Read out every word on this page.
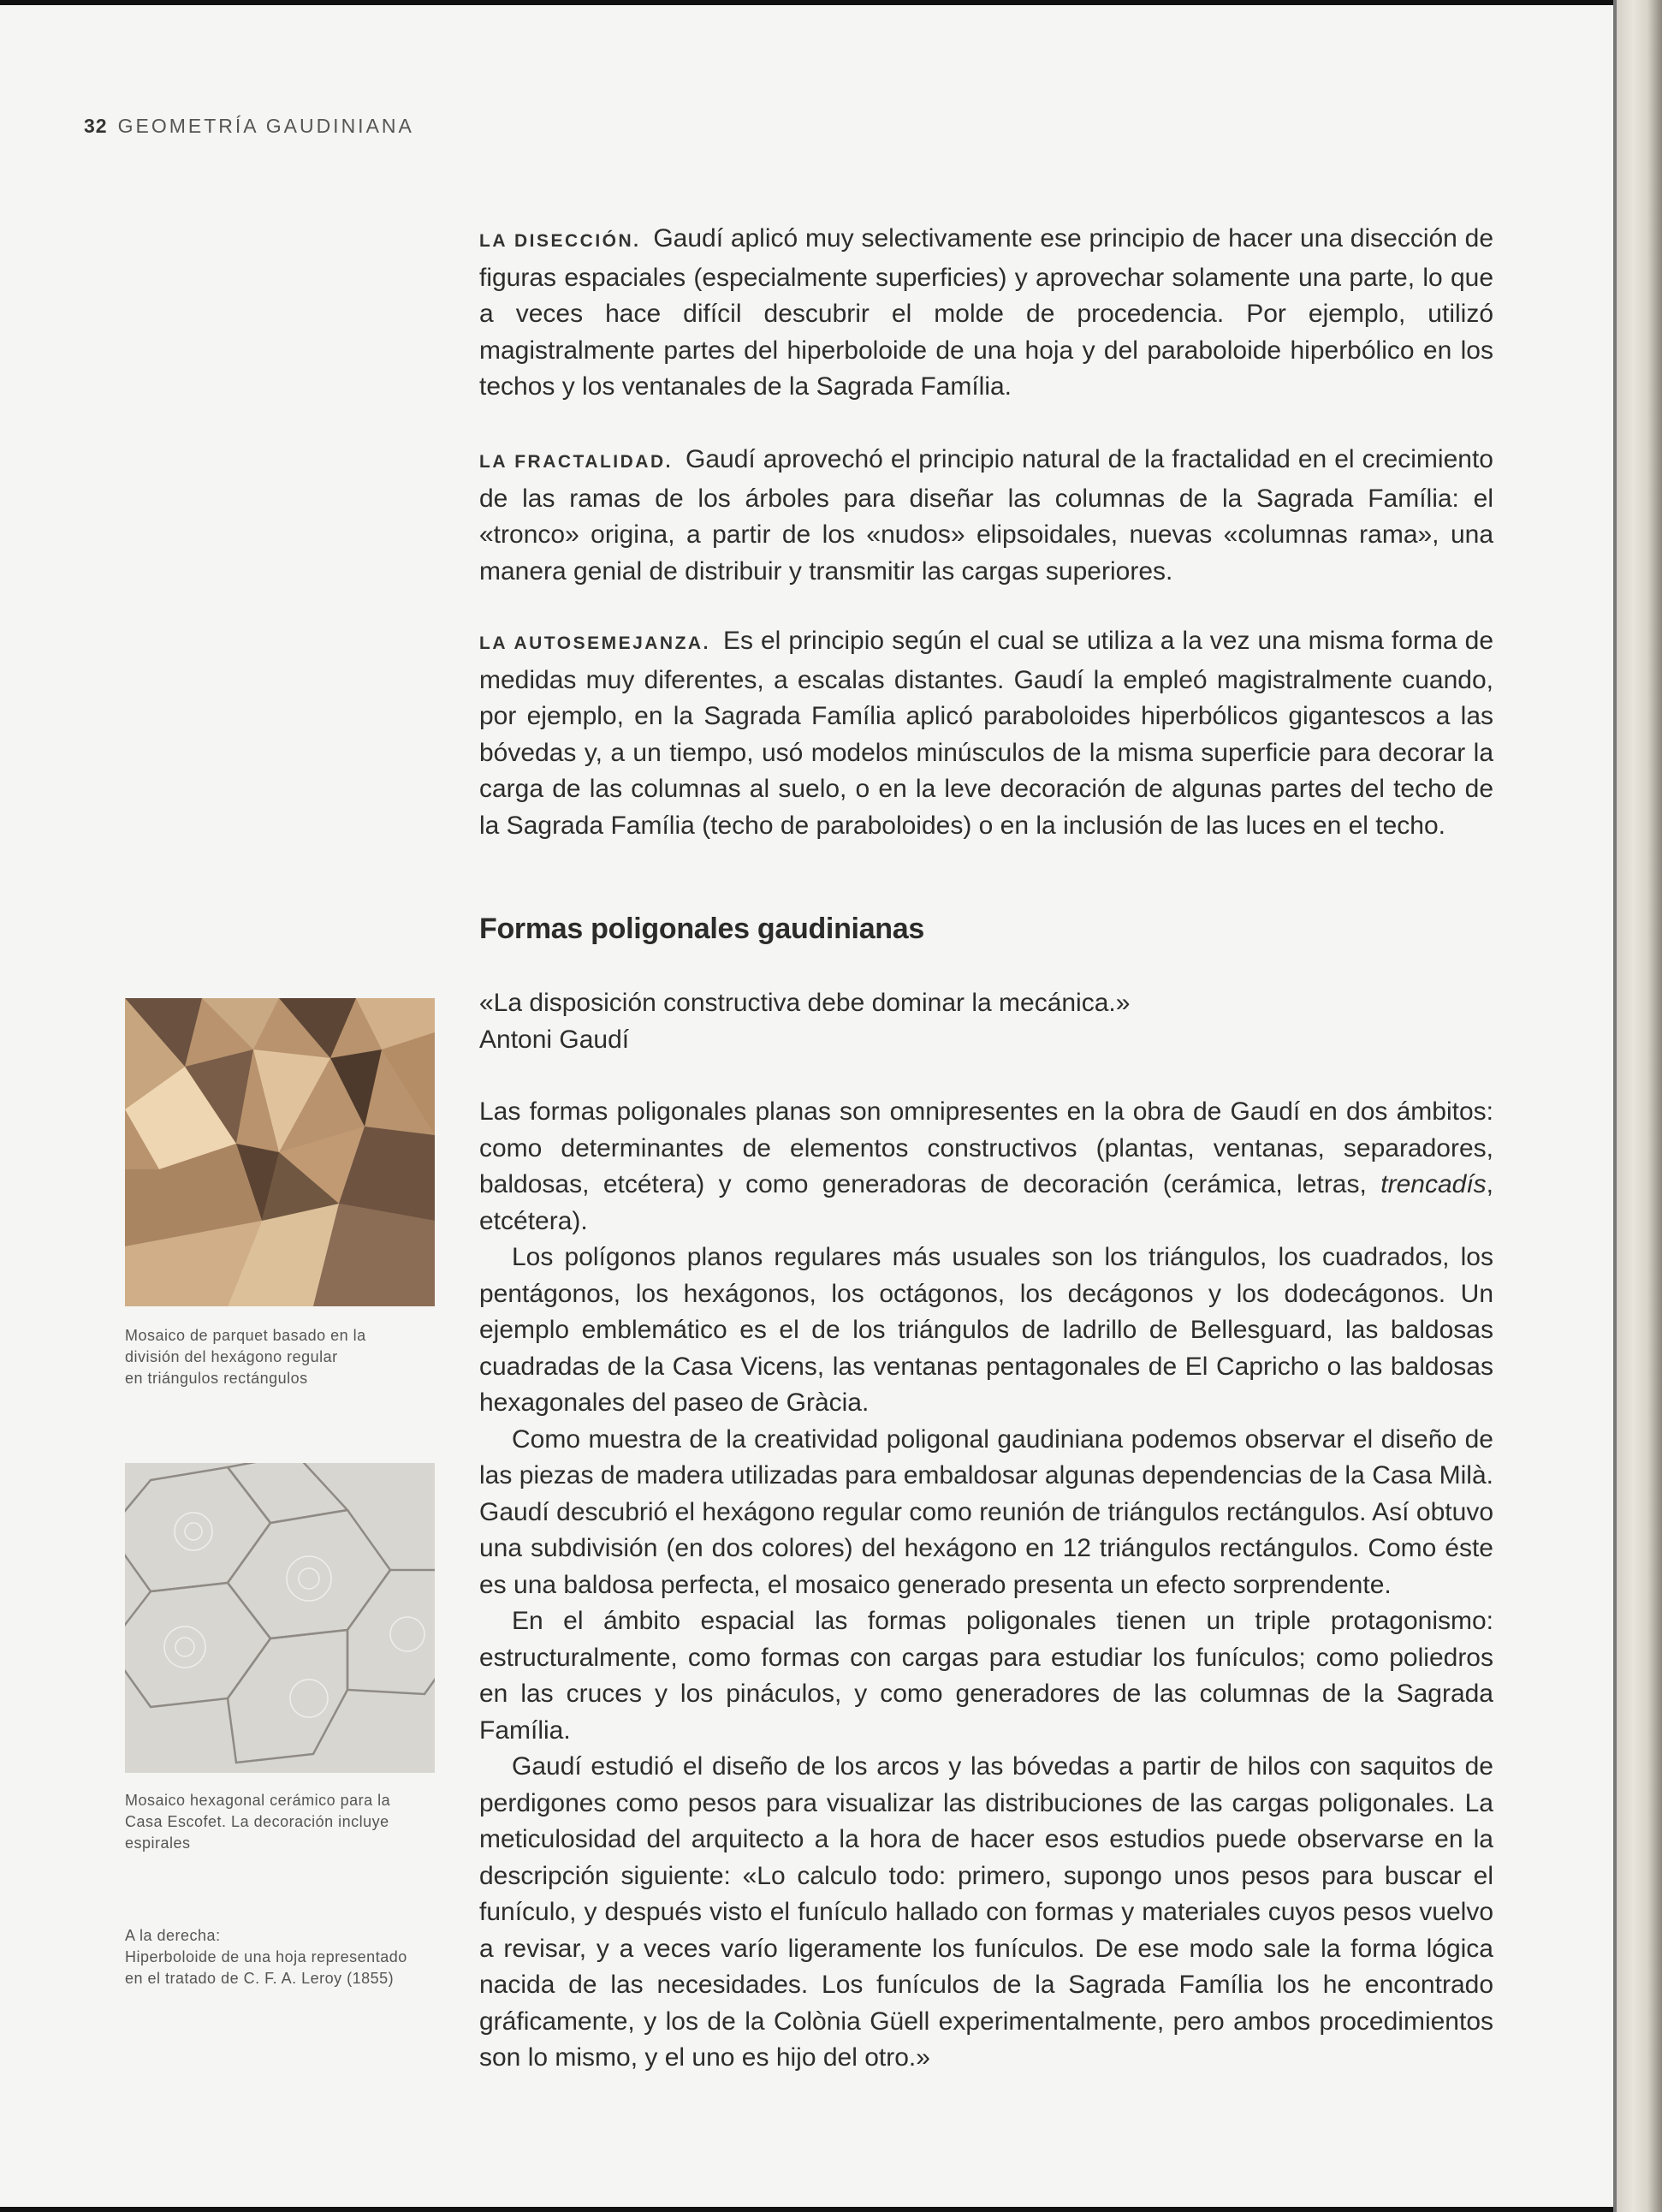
32 GEOMETRÍA GAUDINIANA

LA DISECCIÓN. Gaudí aplicó muy selectivamente ese principio de hacer una disección de figuras espaciales (especialmente superficies) y aprovechar solamente una parte, lo que a veces hace difícil descubrir el molde de procedencia. Por ejemplo, utilizó magistralmente partes del hiperboloide de una hoja y del paraboloide hiperbólico en los techos y los ventanales de la Sagrada Família.

LA FRACTALIDAD. Gaudí aprovechó el principio natural de la fractalidad en el crecimiento de las ramas de los árboles para diseñar las columnas de la Sagrada Família: el «tronco» origina, a partir de los «nudos» elipsoidales, nuevas «columnas rama», una manera genial de distribuir y transmitir las cargas superiores.

LA AUTOSEMEJANZA. Es el principio según el cual se utiliza a la vez una misma forma de medidas muy diferentes, a escalas distantes. Gaudí la empleó magistralmente cuando, por ejemplo, en la Sagrada Família aplicó paraboloides hiperbólicos gigantescos a las bóvedas y, a un tiempo, usó modelos minúsculos de la misma superficie para decorar la carga de las columnas al suelo, o en la leve decoración de algunas partes del techo de la Sagrada Família (techo de paraboloides) o en la inclusión de las luces en el techo.

Formas poligonales gaudinianas
«La disposición constructiva debe dominar la mecánica.»
Antoni Gaudí

Las formas poligonales planas son omnipresentes en la obra de Gaudí en dos ámbitos: como determinantes de elementos constructivos (plantas, ventanas, separadores, baldosas, etcétera) y como generadoras de decoración (cerámica, letras, trencadís, etcétera).

Los polígonos planos regulares más usuales son los triángulos, los cuadrados, los pentágonos, los hexágonos, los octágonos, los decágonos y los dodecágonos. Un ejemplo emblemático es el de los triángulos de ladrillo de Bellesguard, las baldosas cuadradas de la Casa Vicens, las ventanas pentagonales de El Capricho o las baldosas hexagonales del paseo de Gràcia.

Como muestra de la creatividad poligonal gaudiniana podemos observar el diseño de las piezas de madera utilizadas para embaldosar algunas dependencias de la Casa Milà. Gaudí descubrió el hexágono regular como reunión de triángulos rectángulos. Así obtuvo una subdivisión (en dos colores) del hexágono en 12 triángulos rectángulos. Como éste es una baldosa perfecta, el mosaico generado presenta un efecto sorprendente.

En el ámbito espacial las formas poligonales tienen un triple protagonismo: estructuralmente, como formas con cargas para estudiar los funículos; como poliedros en las cruces y los pináculos, y como generadores de las columnas de la Sagrada Família.

Gaudí estudió el diseño de los arcos y las bóvedas a partir de hilos con saquitos de perdigones como pesos para visualizar las distribuciones de las cargas poligonales. La meticulosidad del arquitecto a la hora de hacer esos estudios puede observarse en la descripción siguiente: «Lo calculo todo: primero, supongo unos pesos para buscar el funículo, y después visto el funículo hallado con formas y materiales cuyos pesos vuelvo a revisar, y a veces varío ligeramente los funículos. De ese modo sale la forma lógica nacida de las necesidades. Los funículos de la Sagrada Família los he encontrado gráficamente, y los de la Colònia Güell experimentalmente, pero ambos procedimientos son lo mismo, y el uno es hijo del otro.»

Mosaico de parquet basado en la
división del hexágono regular
en triángulos rectángulos
Mosaico hexagonal cerámico para la
Casa Escofet. La decoración incluye
espirales
A la derecha:
Hiperboloide de una hoja representado
en el tratado de C. F. A. Leroy (1855)
